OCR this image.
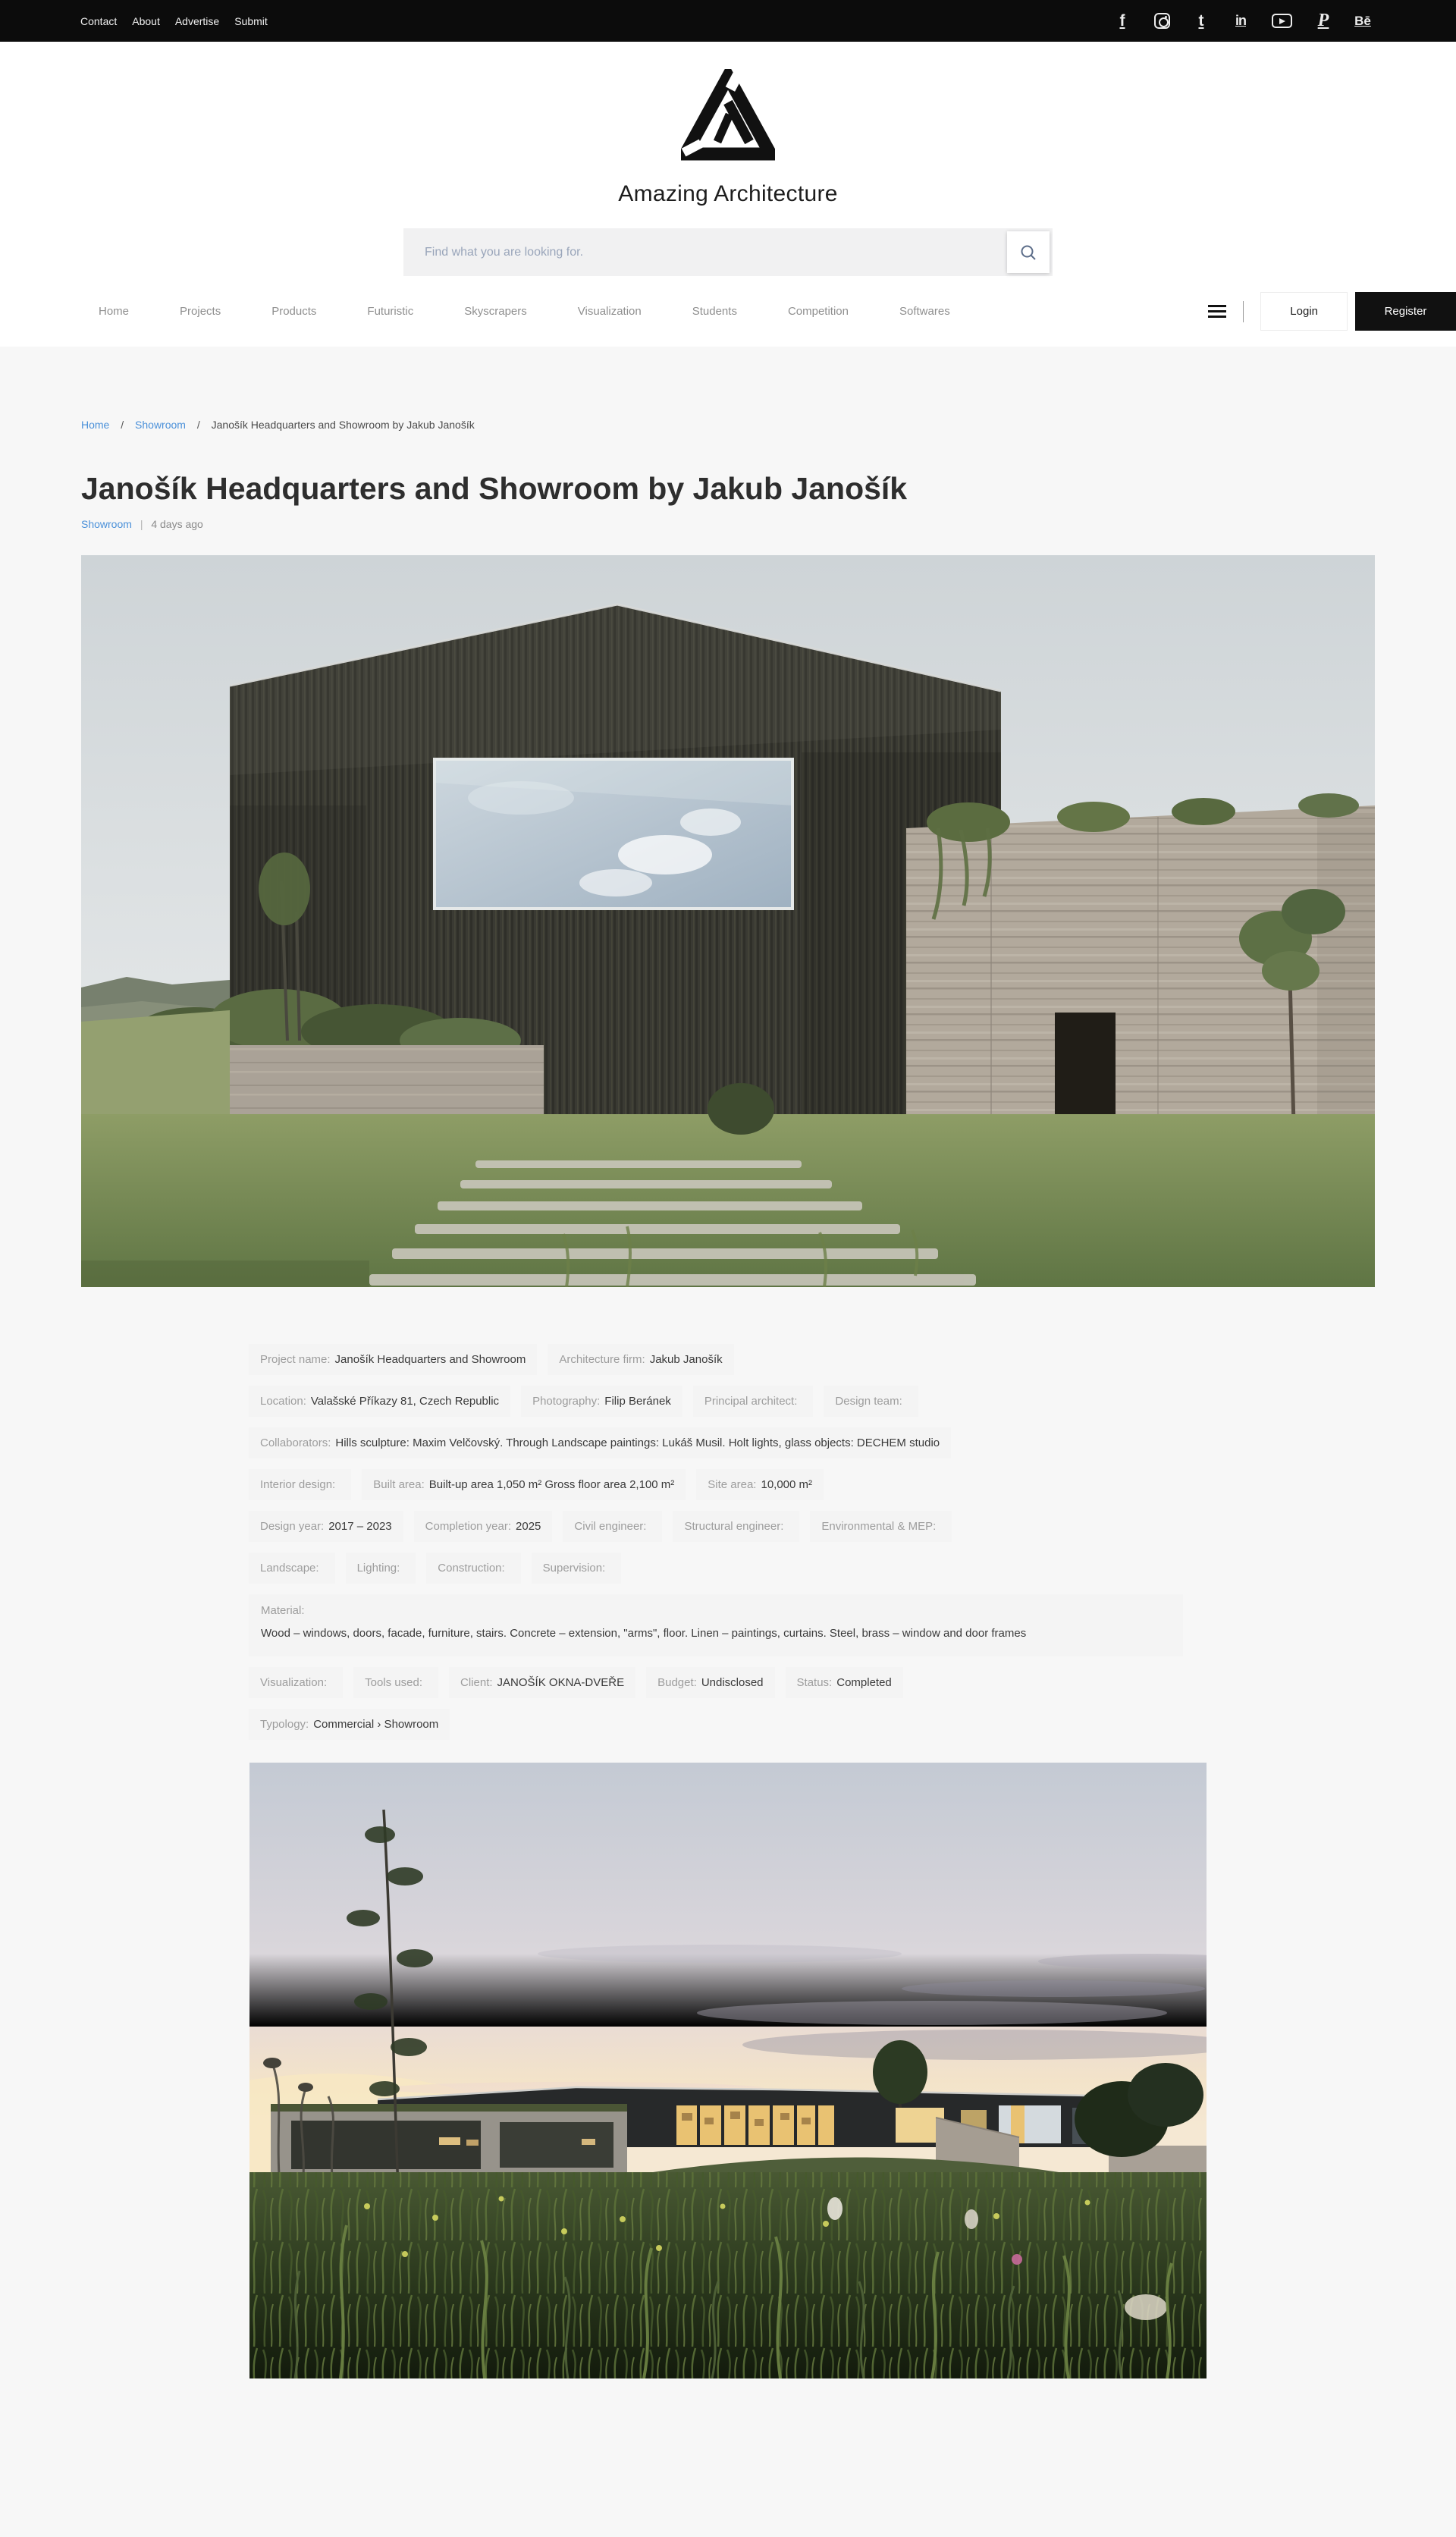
Contact About Advertise Submit	f	t in	P Bē
Amazing Architecture
Find what you are looking for.
Home	Projects	Products	Futuristic	Skyscrapers	Visualization	Students	Competition	Softwares	Login	Register
Home / Showroom / Janošík Headquarters and Showroom by Jakub Janošík
Janošík Headquarters and Showroom by Jakub Janošík
Showroom | 4 days ago
Project name: Janošík Headquarters and Showroom	Architecture firm: Jakub Janošík
Location: Valašské Příkazy 81, Czech Republic	Photography: Filip Beránek	Principal architect:	Design team:
Collaborators: Hills sculpture: Maxim Velčovský. Through Landscape paintings: Lukáš Musil. Holt lights, glass objects: DECHEM studio
Interior design:	Built area: Built-up area 1,050 m² Gross floor area 2,100 m²	Site area: 10,000 m²
Design year: 2017 – 2023	Completion year: 2025	Civil engineer:	Structural engineer:	Environmental & MEP:
Landscape:	Lighting:	Construction:	Supervision:
Material:
Wood – windows, doors, facade, furniture, stairs. Concrete – extension, "arms", floor. Linen – paintings, curtains. Steel, brass – window and door frames
Visualization:	Tools used:	Client: JANOŠÍK OKNA-DVEŘE	Budget: Undisclosed	Status: Completed
Typology: Commercial › Showroom
